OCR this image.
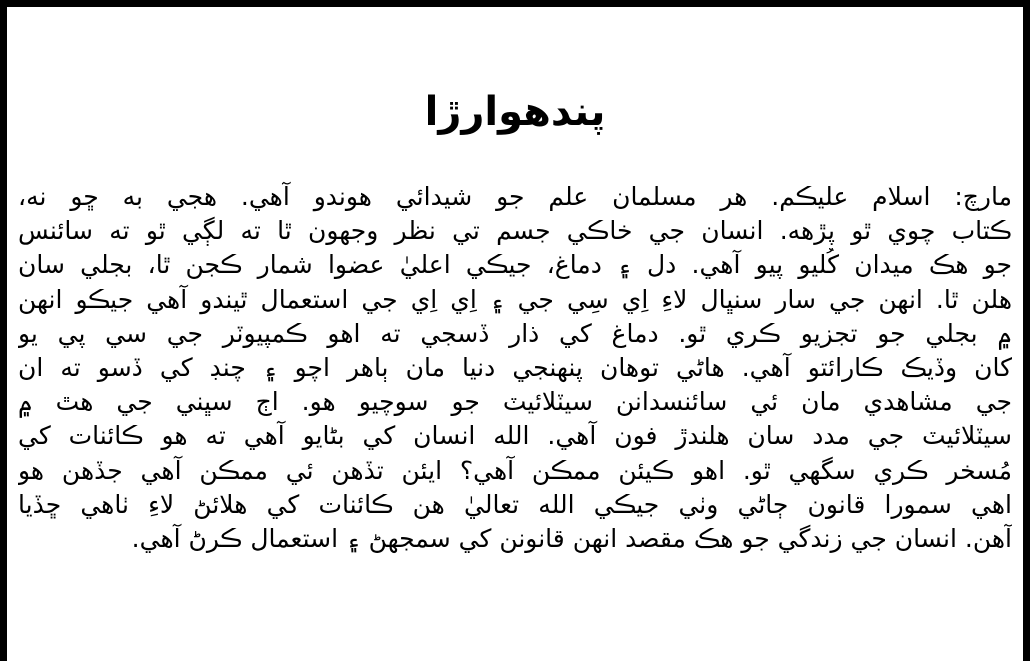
پندهوارڙا
مارچ: اسلام عليڪم. هر مسلمان علم جو شيدائي هوندو آهي. هجي به ڇو نه،
ڪتاب چوي ٿو پڙهه. انسان جي خاڪي جسم تي نظر وجهون ٿا ته لڳي ٿو ته سائنس
جو هڪ ميدان کُليو پيو آهي. دل ۽ دماغ، جيڪي اعليٰ عضوا شمار ڪجن ٿا، بجلي سان
هلن ٿا. انهن جي سار سنڀال لاءِ اِي سِي جي ۽ اِي اِي جي استعمال ٿيندو آهي جيڪو انهن
۾ بجلي جو تجزيو ڪري ٿو. دماغ کي ذار ڏسجي ته اهو ڪمپيوٽر جي سي پي يو
کان وڏيڪ ڪارائتو آهي. هاڻي توهان پنهنجي دنيا مان ٻاهر اچو ۽ چنڊ کي ڏسو ته ان
جي مشاهدي مان ئي سائنسدانن سيٽلائيٽ جو سوچيو هو. اڄ سڀني جي هٿ ۾
سيٽلائيٽ جي مدد سان هلندڙ فون آهي. الله انسان کي بڻايو آهي ته هو ڪائنات کي
مُسخر ڪري سگهي ٿو. اهو ڪيئن ممڪن آهي؟ ايئن تڏهن ئي ممڪن آهي جڏهن هو
اهي سمورا قانون ڄاڻي وٺي جيڪي الله تعاليٰ هن ڪائنات کي هلائڻ لاءِ ٺاهي ڇڏيا
آهن. انسان جي زندگي جو هڪ مقصد انهن قانونن کي سمجهڻ ۽ استعمال ڪرڻ آهي.
